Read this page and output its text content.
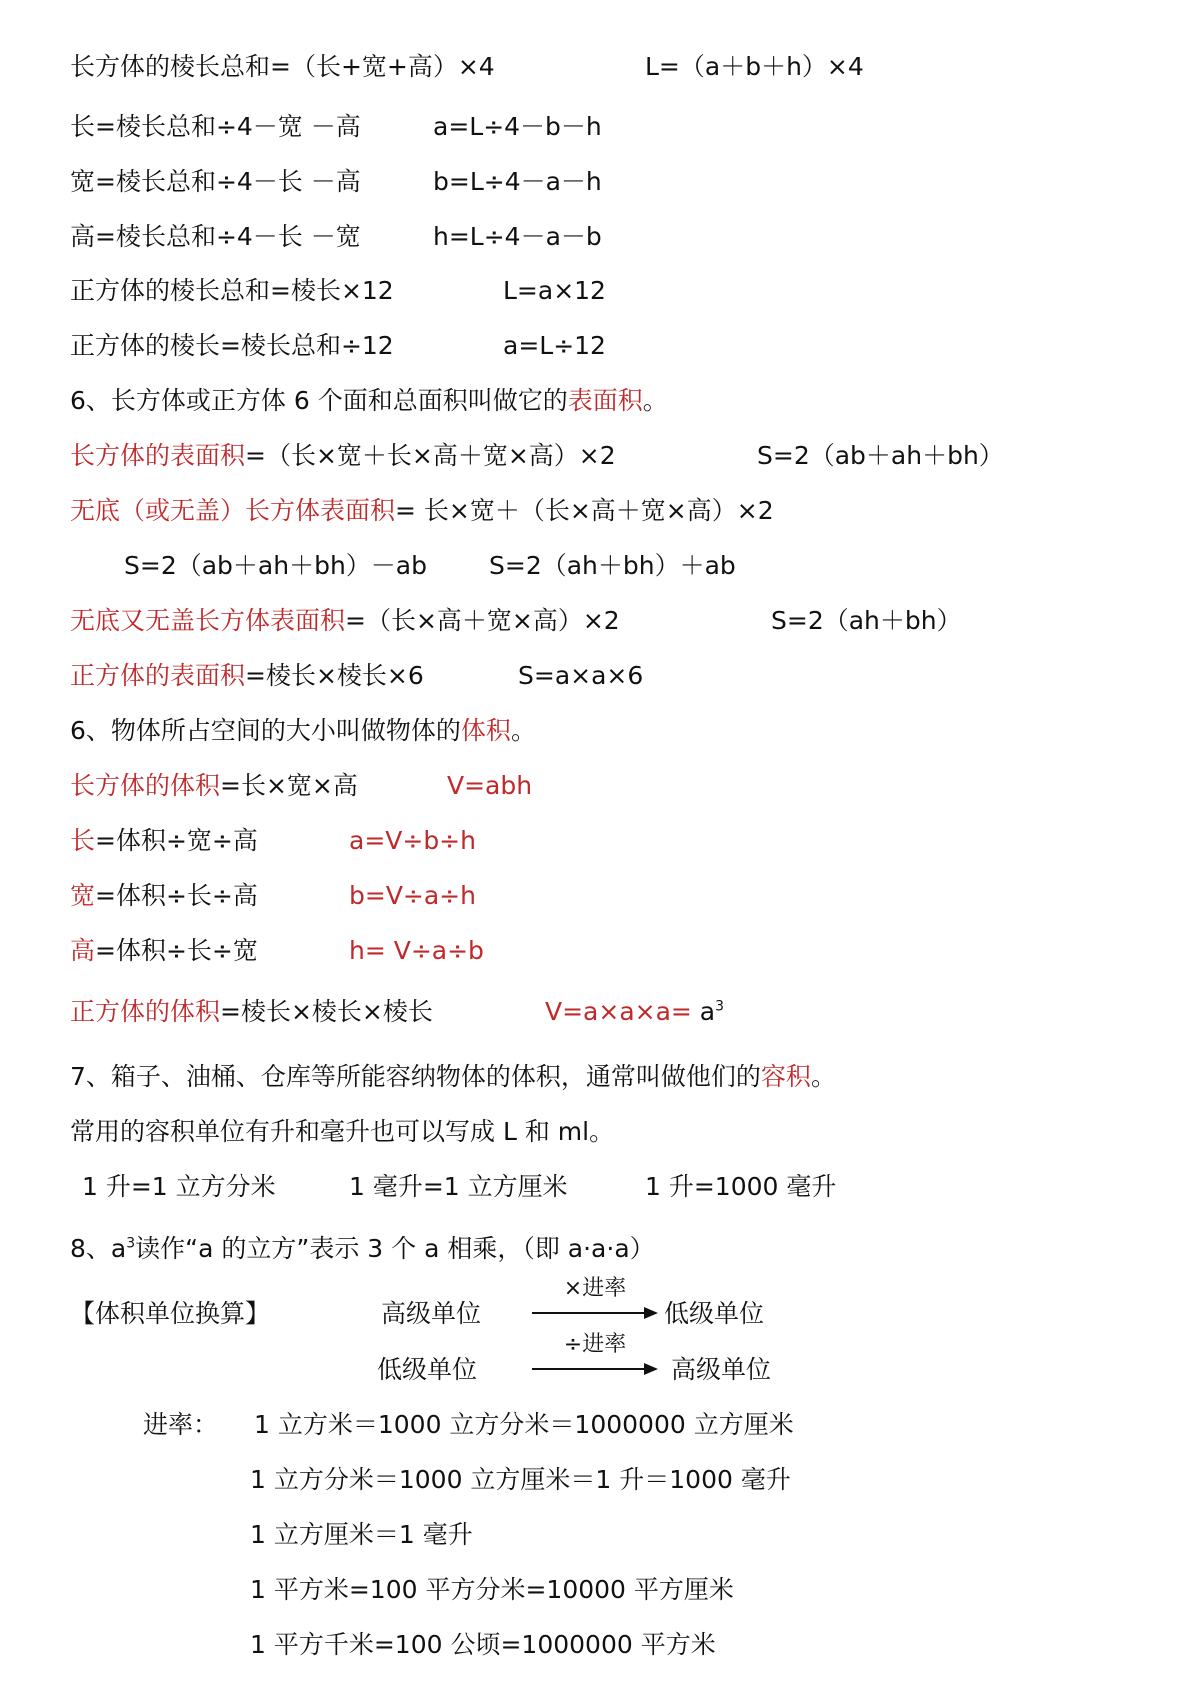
长方体的棱长总和=（长+宽+高）×4	L=（a＋b＋h）×4
长=棱长总和÷4－宽 －高	a=L÷4－b－h
宽=棱长总和÷4－长 －高	b=L÷4－a－h
高=棱长总和÷4－长 －宽	h=L÷4－a－b
正方体的棱长总和=棱长×12	L=a×12
正方体的棱长=棱长总和÷12	a=L÷12
6、长方体或正方体 6 个面和总面积叫做它的表面积。
长方体的表面积=（长×宽＋长×高＋宽×高）×2	S=2（ab＋ah＋bh）
无底（或无盖）长方体表面积= 长×宽＋（长×高＋宽×高）×2
S=2（ab＋ah＋bh）－ab S=2（ah＋bh）＋ab
无底又无盖长方体表面积=（长×高＋宽×高）×2	S=2（ah＋bh）
正方体的表面积=棱长×棱长×6	S=a×a×6
6、物体所占空间的大小叫做物体的体积。
长方体的体积=长×宽×高	V=abh
长=体积÷宽÷高	a=V÷b÷h
宽=体积÷长÷高	b=V÷a÷h
高=体积÷长÷宽	h= V÷a÷b
正方体的体积=棱长×棱长×棱长	$V=a\times a\times a= a^3$
7、箱子、油桶、仓库等所能容纳物体的体积，通常叫做他们的容积。
常用的容积单位有升和毫升也可以写成 L 和 ml。
1 升=1 立方分米	1 毫升=1 立方厘米	1 升=1000 毫升
8、$a^3$读作“a 的立方”表示 3 个 a 相乘，（即 a·a·a）
【体积单位换算】	高级单位	低级单位
低级单位	高级单位
进率： 1 立方米＝1000 立方分米＝1000000 立方厘米
1 立方分米＝1000 立方厘米＝1 升＝1000 毫升
1 立方厘米＝1 毫升
1 平方米=100 平方分米=10000 平方厘米
1 平方千米=100 公顷=1000000 平方米
×进率
÷进率
